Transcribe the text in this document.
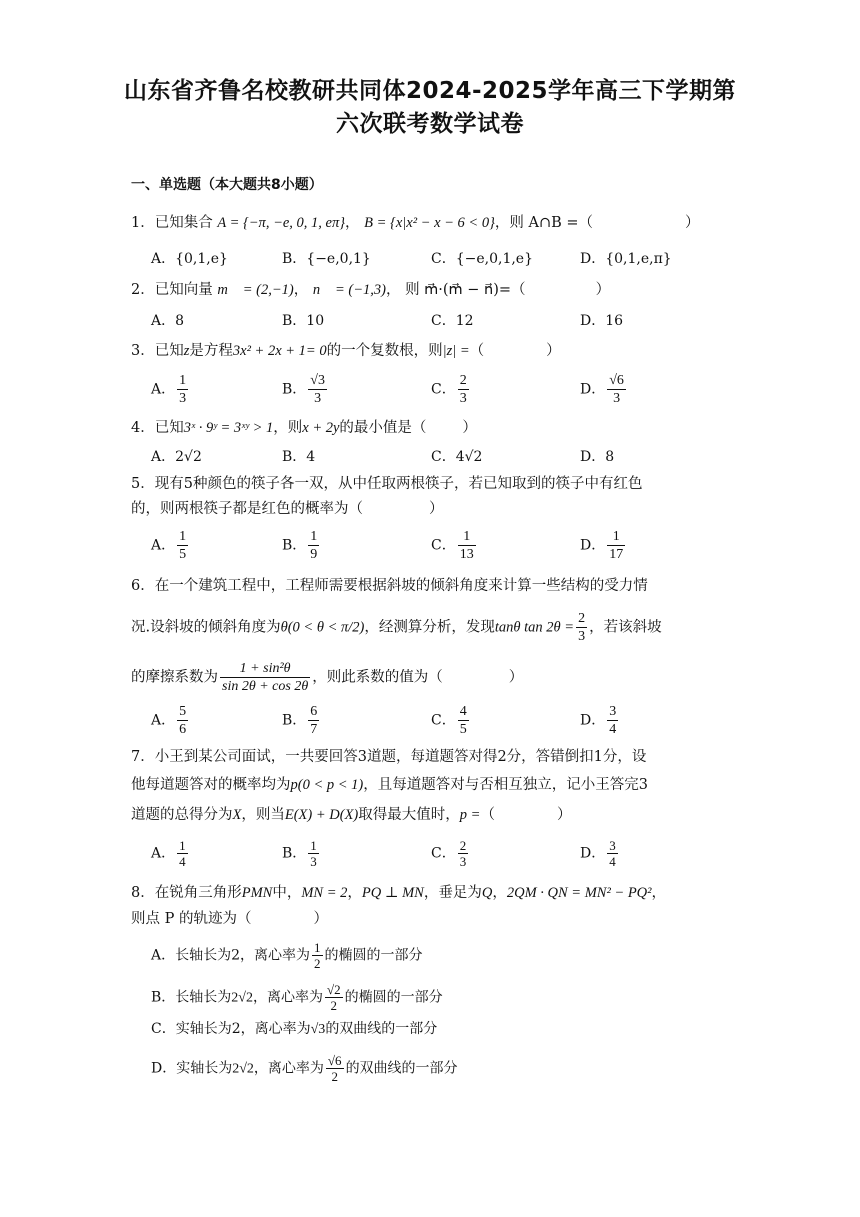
山东省齐鲁名校教研共同体2024-2025学年高三下学期第
六次联考数学试卷
一、单选题（本大题共8小题）
1．已知集合 A = {−π, −e, 0, 1, eπ}， B = {x|x² − x − 6 < 0}，则 A∩B =（	）
A．{0,1,e}	B．{−e,0,1}	C．{−e,0,1,e}	D．{0,1,e,π}
2．已知向量 m⃗ = (2,−1)， n⃗ = (−1,3)， 则 m⃗·(m⃗ − n⃗)=（	）
A．8	B．10	C．12	D．16
3．已知z是方程3x² + 2x + 1= 0的一个复数根，则|z| =（	）
A． $\frac{1}{3}$	B． $\frac{√3}{3}$	C． $\frac{2}{3}$	D． $\frac{√6}{3}$
4．已知3ˣ · 9ʸ = 3ˣʸ > 1，则x + 2y的最小值是（ ）
A．2√2	B．4	C．4√2	D．8
5．现有5种颜色的筷子各一双，从中任取两根筷子，若已知取到的筷子中有红色
的，则两根筷子都是红色的概率为（	）
A． $\frac{1}{5}$	B． $\frac{1}{9}$	C． $\frac{1}{13}$	D． $\frac{1}{17}$
6．在一个建筑工程中，工程师需要根据斜坡的倾斜角度来计算一些结构的受力情
况.设斜坡的倾斜角度为θ(0 < θ < π/2)，经测算分析，发现tanθ $\tan 2\theta = \frac{2}{3}$ ，若该斜坡
的摩擦系数为 $\frac{\text{1 + sin²θ}}{\sin 2\theta + \cos 2\theta}$ ，则此系数的值为（	）
A． $\frac{5}{6}$	B． $\frac{6}{7}$	C． $\frac{4}{5}$	D． $\frac{3}{4}$
7．小王到某公司面试，一共要回答3道题，每道题答对得2分，答错倒扣1分，设
他每道题答对的概率均为p(0 < p < 1)，且每道题答对与否相互独立，记小王答完3
道题的总得分为X，则当E(X) + D(X)取得最大值时，p =（	）
A． $\frac{1}{4}$	B． $\frac{1}{3}$	C． $\frac{2}{3}$	D． $\frac{3}{4}$
8．在锐角三角形PMN中，MN = 2，PQ ⊥ MN，垂足为Q，2QM · QN = MN² − PQ²，
则点 P 的轨迹为（	）
A．长轴长为2，离心率为 $\frac{1}{2}$ 的椭圆的一部分
B．长轴长为2√2，离心率为 $\frac{√2}{2}$ 的椭圆的一部分
C．实轴长为2，离心率为√3的双曲线的一部分
D．实轴长为2√2，离心率为 $\frac{√6}{2}$ 的双曲线的一部分
